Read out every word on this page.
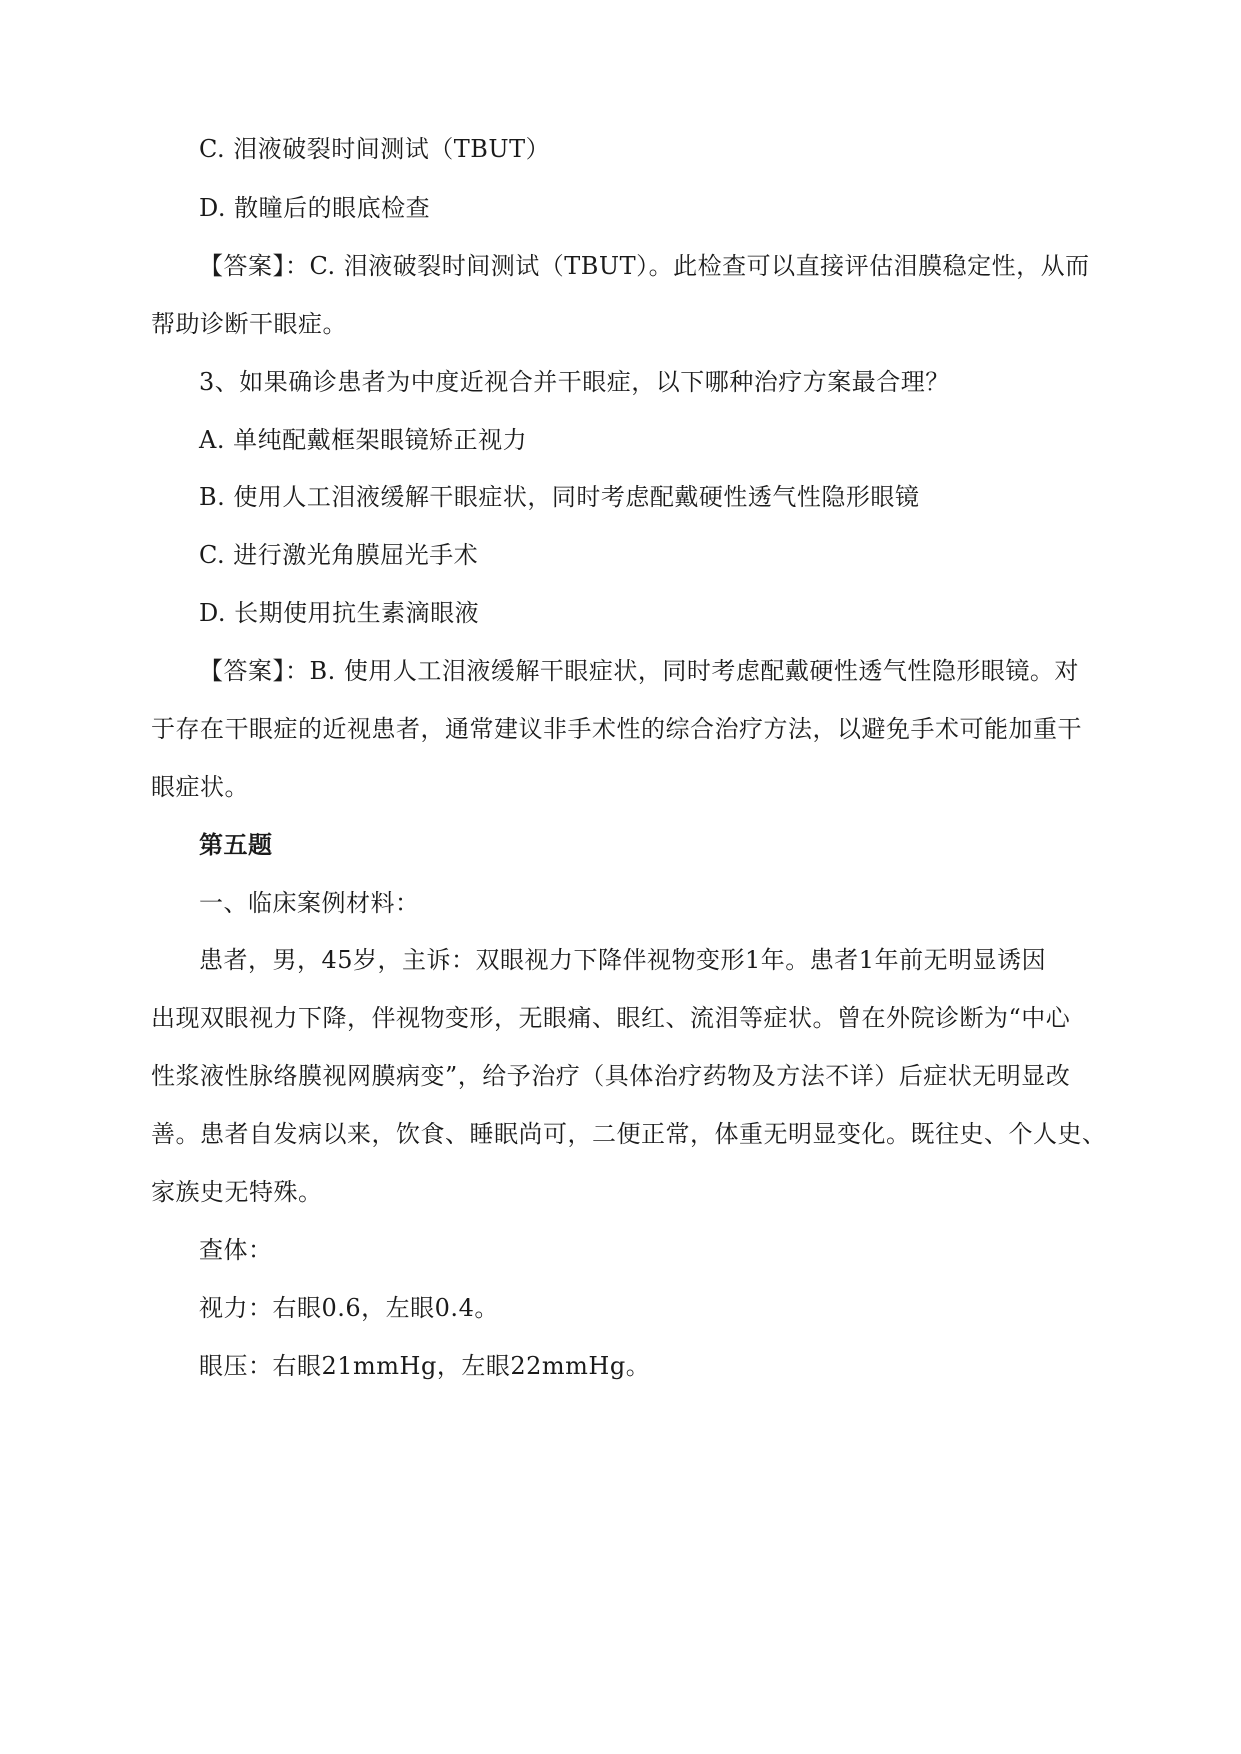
C. 泪液破裂时间测试（TBUT）
D. 散瞳后的眼底检查
【答案】：C. 泪液破裂时间测试（TBUT）。此检查可以直接评估泪膜稳定性，从而
帮助诊断干眼症。
3、如果确诊患者为中度近视合并干眼症，以下哪种治疗方案最合理？
A. 单纯配戴框架眼镜矫正视力
B. 使用人工泪液缓解干眼症状，同时考虑配戴硬性透气性隐形眼镜
C. 进行激光角膜屈光手术
D. 长期使用抗生素滴眼液
【答案】：B. 使用人工泪液缓解干眼症状，同时考虑配戴硬性透气性隐形眼镜。对
于存在干眼症的近视患者，通常建议非手术性的综合治疗方法，以避免手术可能加重干
眼症状。
第五题
一、临床案例材料：
患者，男，45岁，主诉：双眼视力下降伴视物变形1年。患者1年前无明显诱因
出现双眼视力下降，伴视物变形，无眼痛、眼红、流泪等症状。曾在外院诊断为“中心
性浆液性脉络膜视网膜病变”，给予治疗（具体治疗药物及方法不详）后症状无明显改
善。患者自发病以来，饮食、睡眠尚可，二便正常，体重无明显变化。既往史、个人史、
家族史无特殊。
查体：
视力：右眼0.6，左眼0.4。
眼压：右眼21mmHg，左眼22mmHg。
